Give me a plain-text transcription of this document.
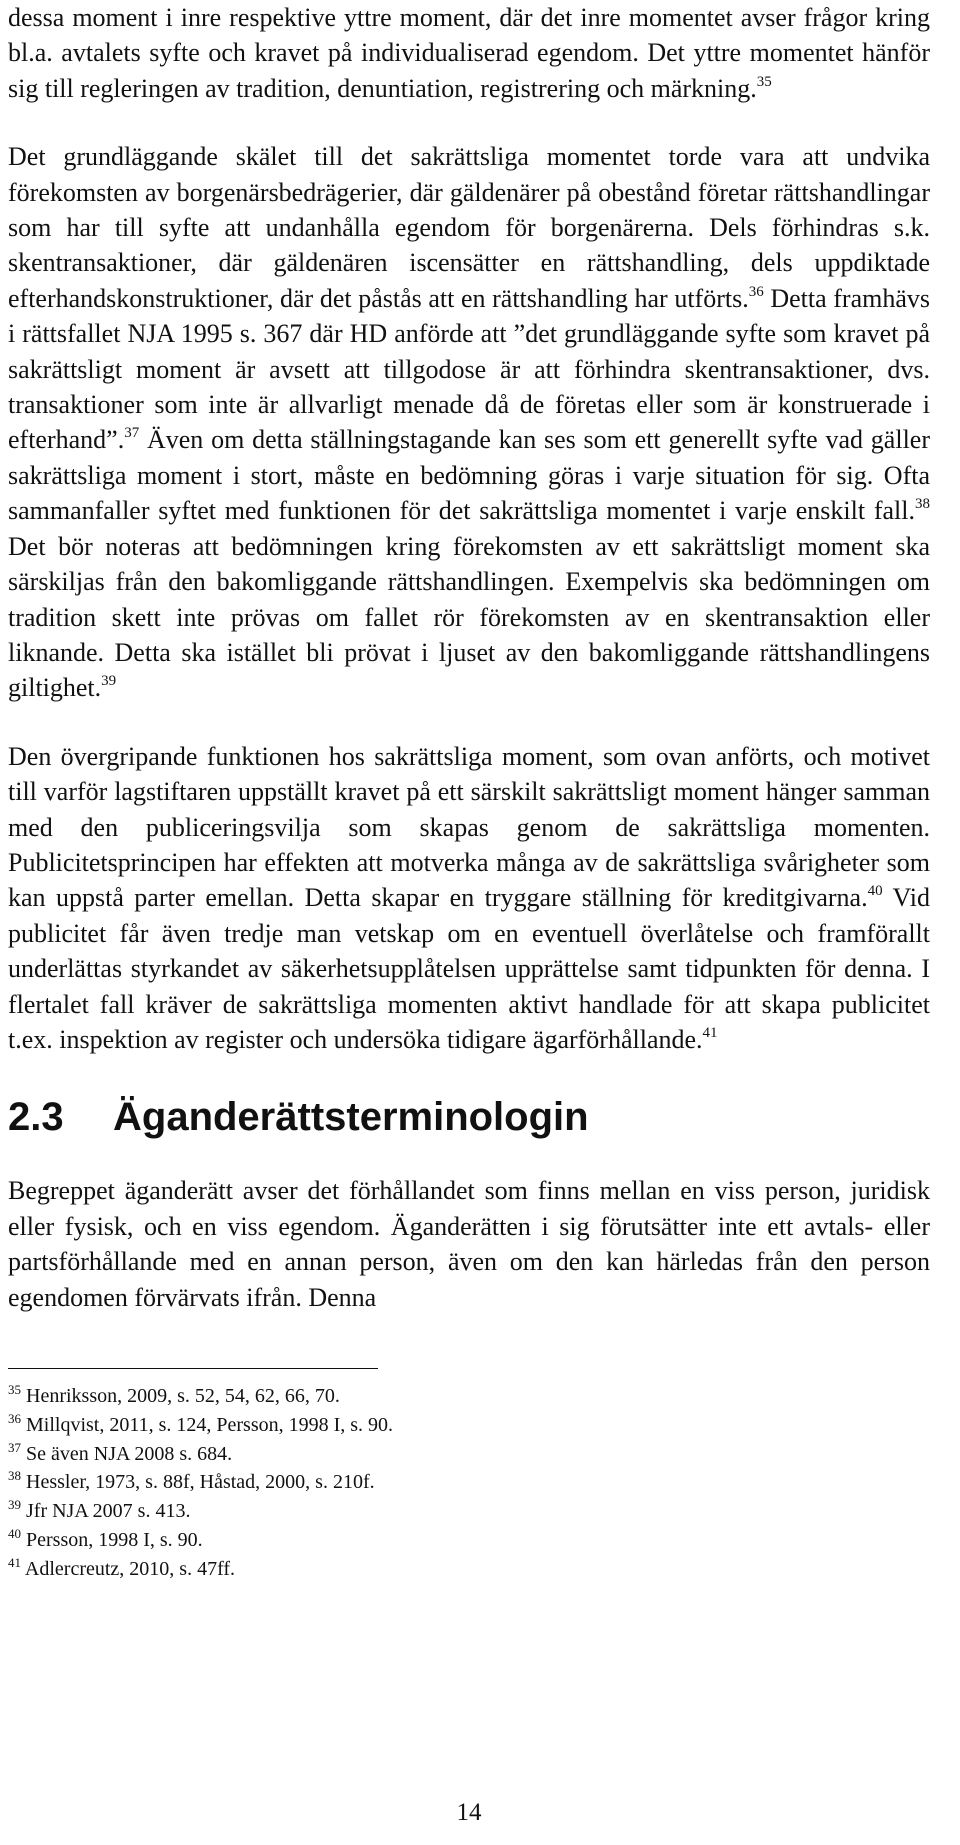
dessa moment i inre respektive yttre moment, där det inre momentet avser frågor kring bl.a. avtalets syfte och kravet på individualiserad egendom. Det yttre momentet hänför sig till regleringen av tradition, denuntiation, registrering och märkning.$^{35}$

Det grundläggande skälet till det sakrättsliga momentet torde vara att undvika förekomsten av borgenärsbedrägerier, där gäldenärer på obestånd företar rättshandlingar som har till syfte att undanhålla egendom för borgenärerna. Dels förhindras s.k. skentransaktioner, där gäldenären iscensätter en rättshandling, dels uppdiktade efterhandskonstruktioner, där det påstås att en rättshandling har utförts.$^{36}$ Detta framhävs i rättsfallet NJA 1995 s. 367 där HD anförde att ”det grundläggande syfte som kravet på sakrättsligt moment är avsett att tillgodose är att förhindra skentransaktioner, dvs. transaktioner som inte är allvarligt menade då de företas eller som är konstruerade i efterhand”.$^{37}$ Även om detta ställningstagande kan ses som ett generellt syfte vad gäller sakrättsliga moment i stort, måste en bedömning göras i varje situation för sig. Ofta sammanfaller syftet med funktionen för det sakrättsliga momentet i varje enskilt fall.$^{38}$ Det bör noteras att bedömningen kring förekomsten av ett sakrättsligt moment ska särskiljas från den bakomliggande rättshandlingen. Exempelvis ska bedömningen om tradition skett inte prövas om fallet rör förekomsten av en skentransaktion eller liknande. Detta ska istället bli prövat i ljuset av den bakomliggande rättshandlingens giltighet.$^{39}$

Den övergripande funktionen hos sakrättsliga moment, som ovan anförts, och motivet till varför lagstiftaren uppställt kravet på ett särskilt sakrättsligt moment hänger samman med den publiceringsvilja som skapas genom de sakrättsliga momenten. Publicitetsprincipen har effekten att motverka många av de sakrättsliga svårigheter som kan uppstå parter emellan. Detta skapar en tryggare ställning för kreditgivarna.$^{40}$ Vid publicitet får även tredje man vetskap om en eventuell överlåtelse och framförallt underlättas styrkandet av säkerhetsupplåtelsen upprättelse samt tidpunkten för denna. I flertalet fall kräver de sakrättsliga momenten aktivt handlade för att skapa publicitet t.ex. inspektion av register och undersöka tidigare ägarförhållande.$^{41}$

2.3 Äganderättsterminologin

Begreppet äganderätt avser det förhållandet som finns mellan en viss person, juridisk eller fysisk, och en viss egendom. Äganderätten i sig förutsätter inte ett avtals- eller partsförhållande med en annan person, även om den kan härledas från den person egendomen förvärvats ifrån. Denna

$^{35}$ Henriksson, 2009, s. 52, 54, 62, 66, 70.
$^{36}$ Millqvist, 2011, s. 124, Persson, 1998 I, s. 90.
$^{37}$ Se även NJA 2008 s. 684.
$^{38}$ Hessler, 1973, s. 88f, Håstad, 2000, s. 210f.
$^{39}$ Jfr NJA 2007 s. 413.
$^{40}$ Persson, 1998 I, s. 90.
$^{41}$ Adlercreutz, 2010, s. 47ff.
14
